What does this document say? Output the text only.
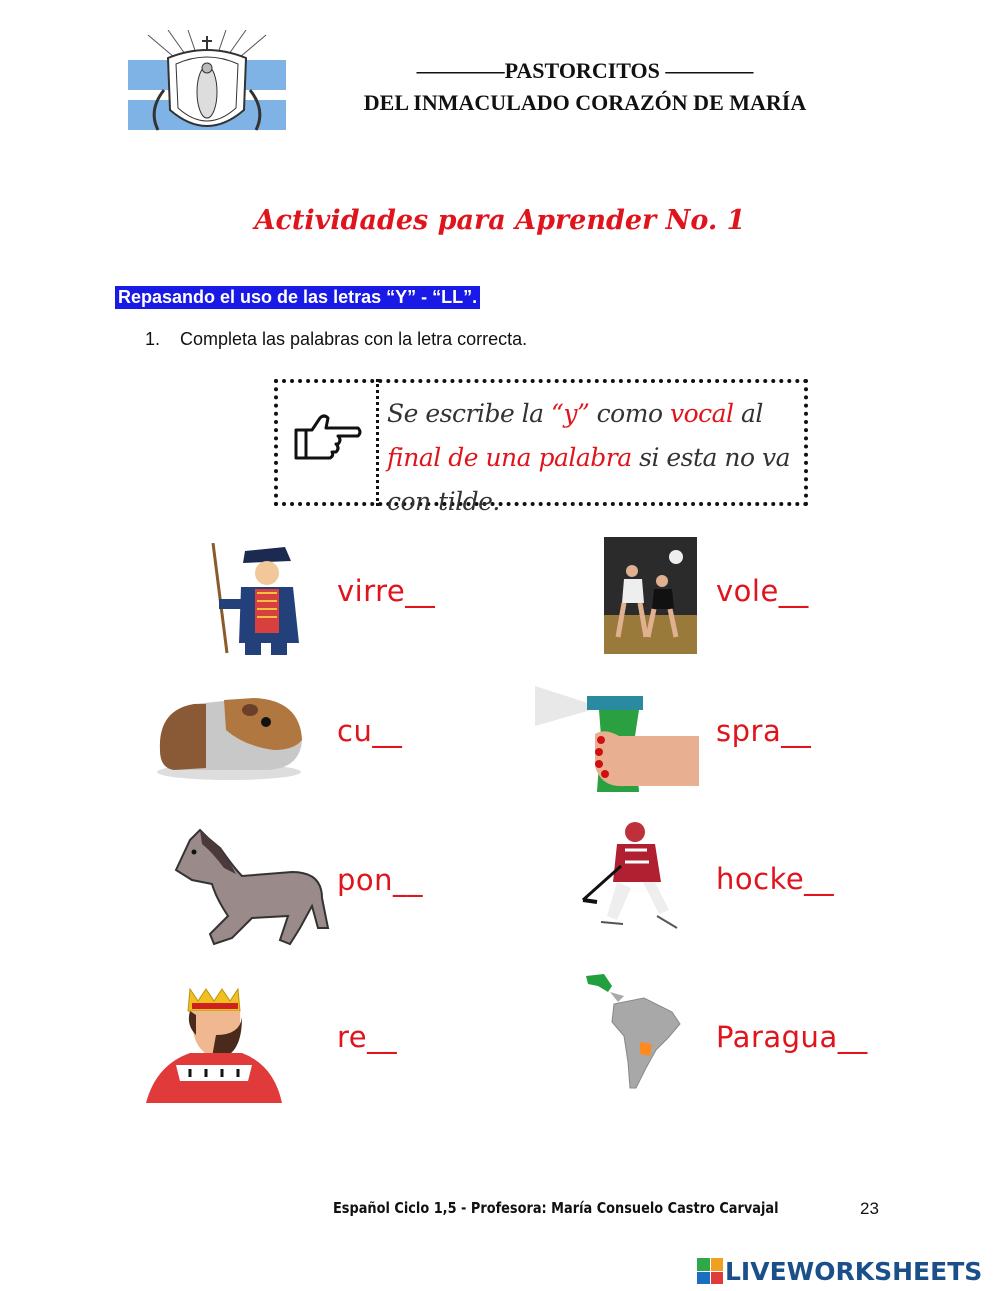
————PASTORCITOS ————
DEL INMACULADO CORAZÓN DE MARÍA
Actividades para Aprender No. 1
Repasando el uso de las letras “Y” - “LL”.
1. Completa las palabras con la letra correcta.
Se escribe la “y” como vocal al final de una palabra si esta no va con tilde.
virre__	vole__
cu__	spra__
pon__	hocke__
re__	Paragua__
Español Ciclo 1,5 - Profesora: María Consuelo Castro Carvajal	23
LIVEWORKSHEETS
